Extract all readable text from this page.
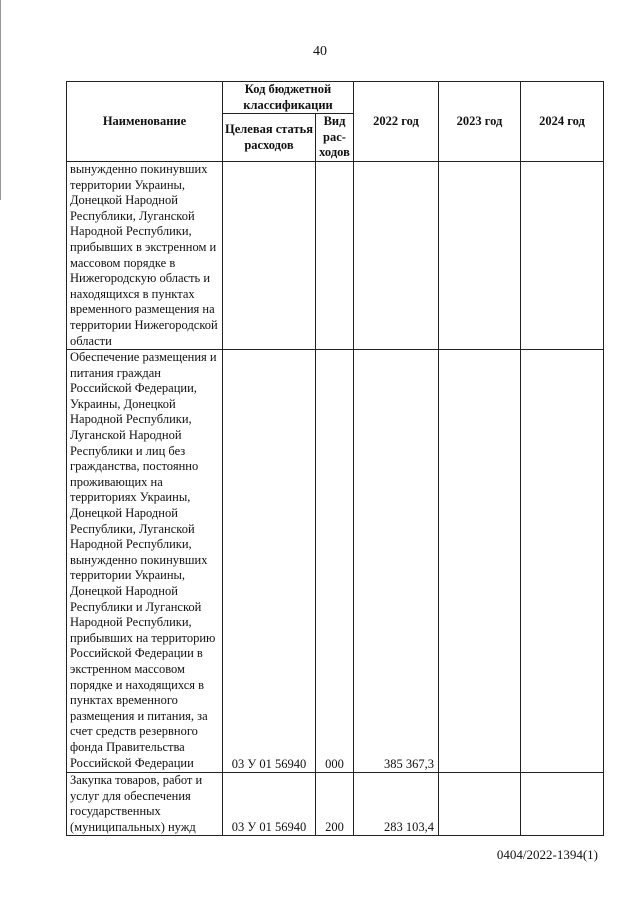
40
Наименование	Код бюджетной классификации		2022 год	2023 год	2024 год
	Целевая статья расходов	Вид рас- ходов			
вынужденно покинувших территории Украины, Донецкой Народной Республики, Луганской Народной Республики, прибывших в экстренном и массовом порядке в Нижегородскую область и находящихся в пунктах временного размещения на территории Нижегородской области					
Обеспечение размещения и питания граждан Российской Федерации, Украины, Донецкой Народной Республики, Луганской Народной Республики и лиц без гражданства, постоянно проживающих на территориях Украины, Донецкой Народной Республики, Луганской Народной Республики, вынужденно покинувших территории Украины, Донецкой Народной Республики и Луганской Народной Республики, прибывших на территорию Российской Федерации в экстренном массовом порядке и находящихся в пунктах временного размещения и питания, за счет средств резервного фонда Правительства Российской Федерации	03 У 01 56940	000	385 367,3		
Закупка товаров, работ и услуг для обеспечения государственных (муниципальных) нужд	03 У 01 56940	200	283 103,4		
0404/2022-1394(1)
